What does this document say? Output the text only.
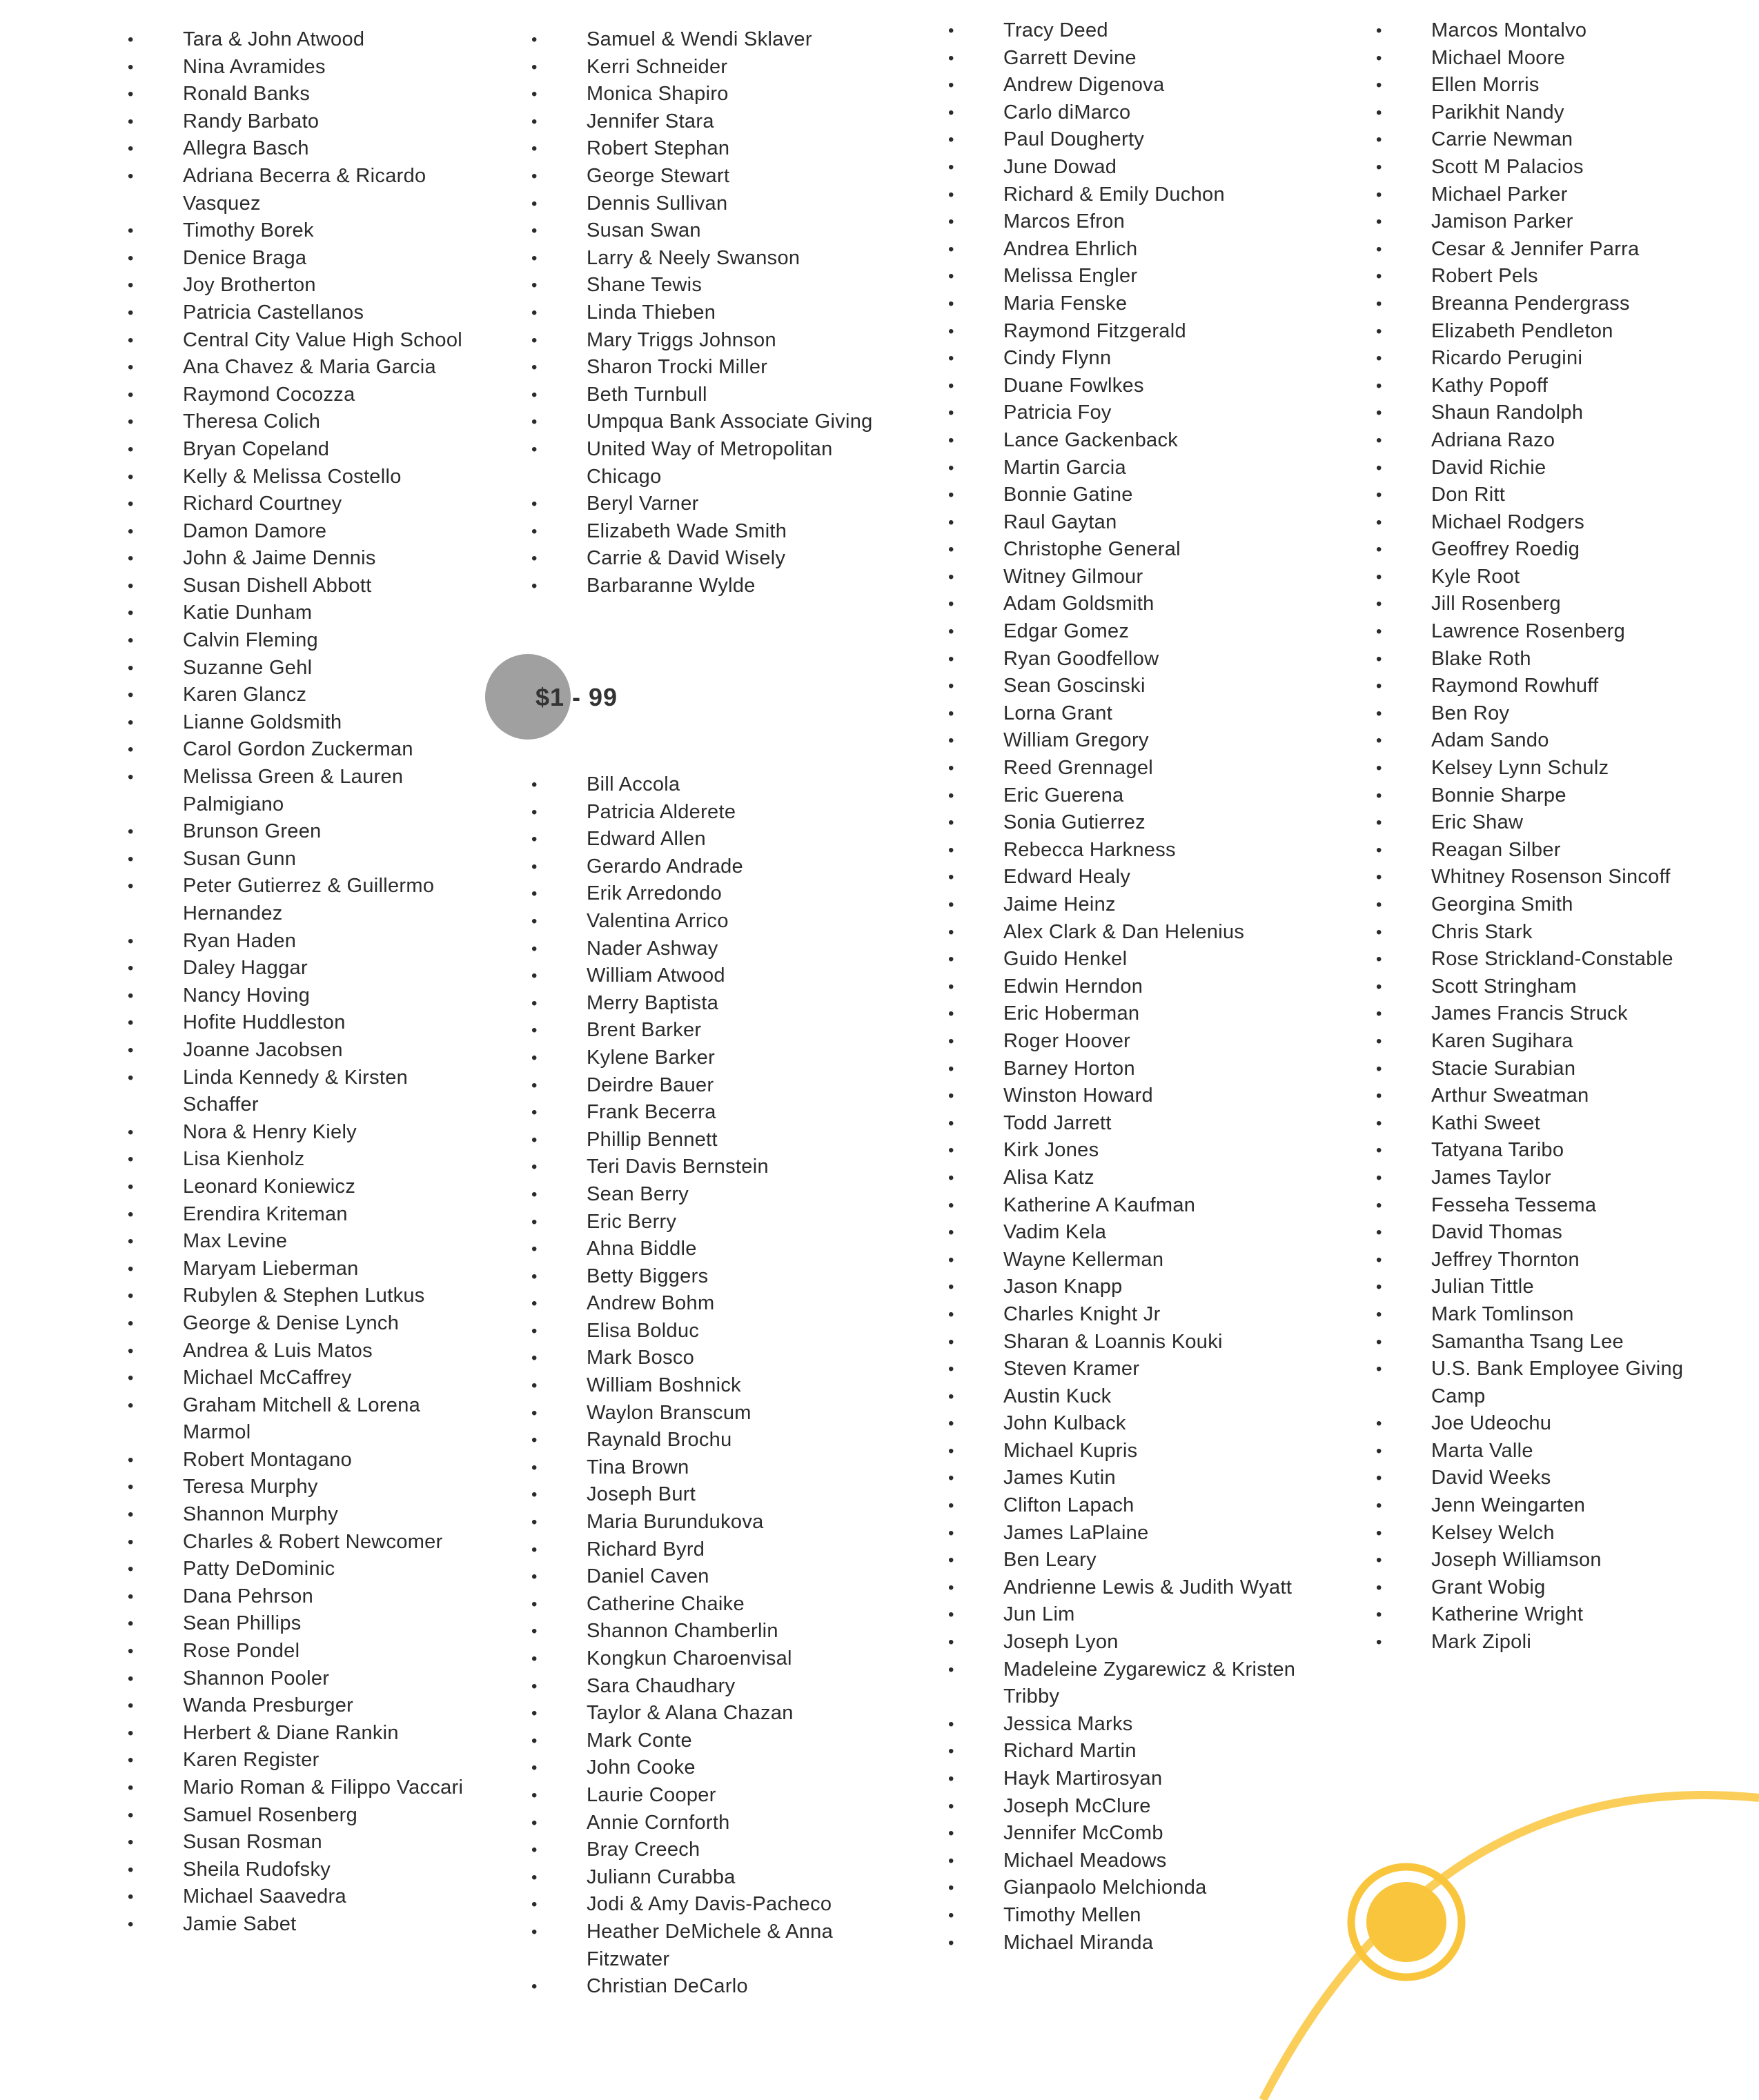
• Tara & John Atwood
• Nina Avramides
• Ronald Banks
• Randy Barbato
• Allegra Basch
• Adriana Becerra & Ricardo Vasquez
• Timothy Borek
• Denice Braga
• Joy Brotherton
• Patricia Castellanos
• Central City Value High School
• Ana Chavez & Maria Garcia
• Raymond Cocozza
• Theresa Colich
• Bryan Copeland
• Kelly & Melissa Costello
• Richard Courtney
• Damon Damore
• John & Jaime Dennis
• Susan Dishell Abbott
• Katie Dunham
• Calvin Fleming
• Suzanne Gehl
• Karen Glancz
• Lianne Goldsmith
• Carol Gordon Zuckerman
• Melissa Green & Lauren Palmigiano
• Brunson Green
• Susan Gunn
• Peter Gutierrez & Guillermo Hernandez
• Ryan Haden
• Daley Haggar
• Nancy Hoving
• Hofite Huddleston
• Joanne Jacobsen
• Linda Kennedy & Kirsten Schaffer
• Nora & Henry Kiely
• Lisa Kienholz
• Leonard Koniewicz
• Erendira Kriteman
• Max Levine
• Maryam Lieberman
• Rubylen & Stephen Lutkus
• George & Denise Lynch
• Andrea & Luis Matos
• Michael McCaffrey
• Graham Mitchell & Lorena Marmol
• Robert Montagano
• Teresa Murphy
• Shannon Murphy
• Charles & Robert Newcomer
• Patty DeDominic
• Dana Pehrson
• Sean Phillips
• Rose Pondel
• Shannon Pooler
• Wanda Presburger
• Herbert & Diane Rankin
• Karen Register
• Mario Roman & Filippo Vaccari
• Samuel Rosenberg
• Susan Rosman
• Sheila Rudofsky
• Michael Saavedra
• Jamie Sabet
• Samuel & Wendi Sklaver
• Kerri Schneider
• Monica Shapiro
• Jennifer Stara
• Robert Stephan
• George Stewart
• Dennis Sullivan
• Susan Swan
• Larry & Neely Swanson
• Shane Tewis
• Linda Thieben
• Mary Triggs Johnson
• Sharon Trocki Miller
• Beth Turnbull
• Umpqua Bank Associate Giving
• United Way of Metropolitan Chicago
• Beryl Varner
• Elizabeth Wade Smith
• Carrie & David Wisely
• Barbaranne Wylde
$1 - 99
• Bill Accola
• Patricia Alderete
• Edward Allen
• Gerardo Andrade
• Erik Arredondo
• Valentina Arrico
• Nader Ashway
• William Atwood
• Merry Baptista
• Brent Barker
• Kylene Barker
• Deirdre Bauer
• Frank Becerra
• Phillip Bennett
• Teri Davis Bernstein
• Sean Berry
• Eric Berry
• Ahna Biddle
• Betty Biggers
• Andrew Bohm
• Elisa Bolduc
• Mark Bosco
• William Boshnick
• Waylon Branscum
• Raynald Brochu
• Tina Brown
• Joseph Burt
• Maria Burundukova
• Richard Byrd
• Daniel Caven
• Catherine Chaike
• Shannon Chamberlin
• Kongkun Charoenvisal
• Sara Chaudhary
• Taylor & Alana Chazan
• Mark Conte
• John Cooke
• Laurie Cooper
• Annie Cornforth
• Bray Creech
• Juliann Curabba
• Jodi & Amy Davis-Pacheco
• Heather DeMichele & Anna Fitzwater
• Christian DeCarlo
• Tracy Deed
• Garrett Devine
• Andrew Digenova
• Carlo diMarco
• Paul Dougherty
• June Dowad
• Richard & Emily Duchon
• Marcos Efron
• Andrea Ehrlich
• Melissa Engler
• Maria Fenske
• Raymond Fitzgerald
• Cindy Flynn
• Duane Fowlkes
• Patricia Foy
• Lance Gackenback
• Martin Garcia
• Bonnie Gatine
• Raul Gaytan
• Christophe General
• Witney Gilmour
• Adam Goldsmith
• Edgar Gomez
• Ryan Goodfellow
• Sean Goscinski
• Lorna Grant
• William Gregory
• Reed Grennagel
• Eric Guerena
• Sonia Gutierrez
• Rebecca Harkness
• Edward Healy
• Jaime Heinz
• Alex Clark & Dan Helenius
• Guido Henkel
• Edwin Herndon
• Eric Hoberman
• Roger Hoover
• Barney Horton
• Winston Howard
• Todd Jarrett
• Kirk Jones
• Alisa Katz
• Katherine A Kaufman
• Vadim Kela
• Wayne Kellerman
• Jason Knapp
• Charles Knight Jr
• Sharan & Loannis Kouki
• Steven Kramer
• Austin Kuck
• John Kulback
• Michael Kupris
• James Kutin
• Clifton Lapach
• James LaPlaine
• Ben Leary
• Andrienne Lewis & Judith Wyatt
• Jun Lim
• Joseph Lyon
• Madeleine Zygarewicz & Kristen Tribby
• Jessica Marks
• Richard Martin
• Hayk Martirosyan
• Joseph McClure
• Jennifer McComb
• Michael Meadows
• Gianpaolo Melchionda
• Timothy Mellen
• Michael Miranda
• Marcos Montalvo
• Michael Moore
• Ellen Morris
• Parikhit Nandy
• Carrie Newman
• Scott M Palacios
• Michael Parker
• Jamison Parker
• Cesar & Jennifer Parra
• Robert Pels
• Breanna Pendergrass
• Elizabeth Pendleton
• Ricardo Perugini
• Kathy Popoff
• Shaun Randolph
• Adriana Razo
• David Richie
• Don Ritt
• Michael Rodgers
• Geoffrey Roedig
• Kyle Root
• Jill Rosenberg
• Lawrence Rosenberg
• Blake Roth
• Raymond Rowhuff
• Ben Roy
• Adam Sando
• Kelsey Lynn Schulz
• Bonnie Sharpe
• Eric Shaw
• Reagan Silber
• Whitney Rosenson Sincoff
• Georgina Smith
• Chris Stark
• Rose Strickland-Constable
• Scott Stringham
• James Francis Struck
• Karen Sugihara
• Stacie Surabian
• Arthur Sweatman
• Kathi Sweet
• Tatyana Taribo
• James Taylor
• Fesseha Tessema
• David Thomas
• Jeffrey Thornton
• Julian Tittle
• Mark Tomlinson
• Samantha Tsang Lee
• U.S. Bank Employee Giving Camp
• Joe Udeochu
• Marta Valle
• David Weeks
• Jenn Weingarten
• Kelsey Welch
• Joseph Williamson
• Grant Wobig
• Katherine Wright
• Mark Zipoli
